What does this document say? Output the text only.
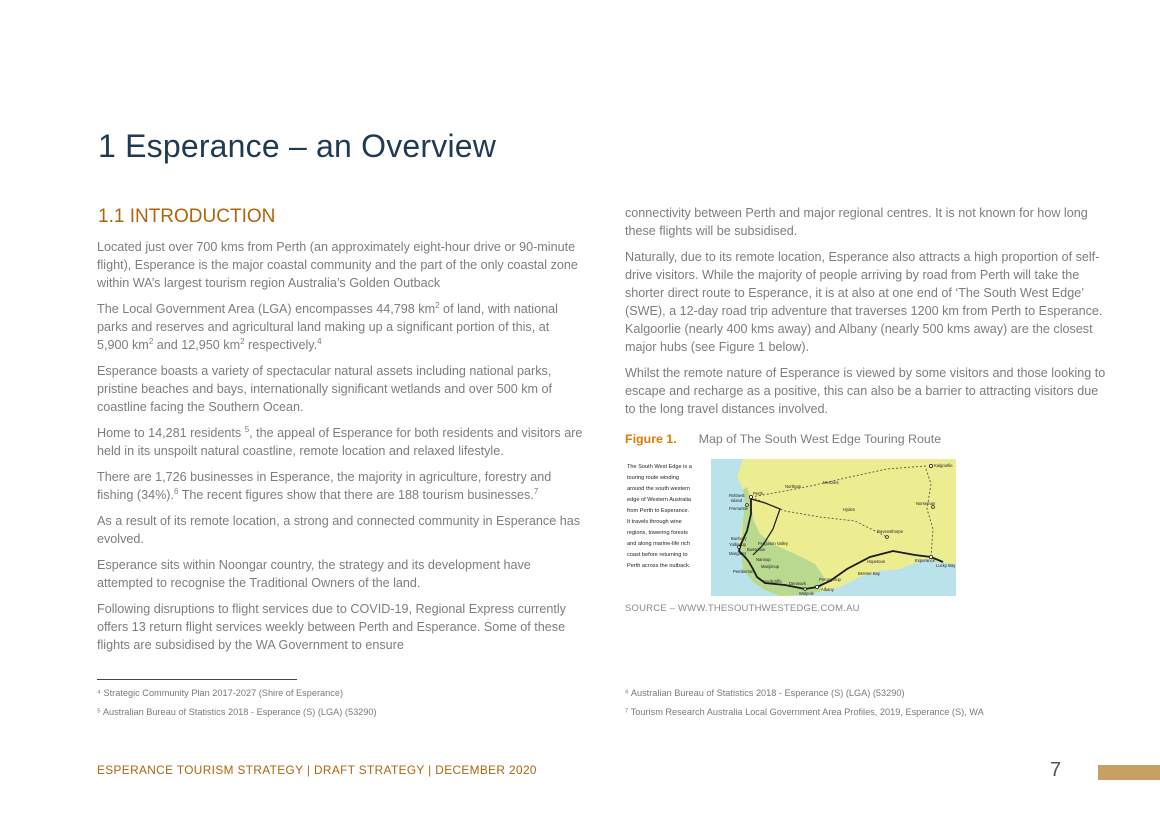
1 Esperance – an Overview
1.1 INTRODUCTION

Located just over 700 kms from Perth (an approximately eight-hour drive or 90-minute flight), Esperance is the major coastal community and the part of the only coastal zone within WA’s largest tourism region Australia’s Golden Outback

The Local Government Area (LGA) encompasses 44,798 $km^2$ of land, with national parks and reserves and agricultural land making up a significant portion of this, at 5,900 $km^2$ and 12,950 $km^2$ respectively.$^4$

Esperance boasts a variety of spectacular natural assets including national parks, pristine beaches and bays, internationally significant wetlands and over 500 km of coastline facing the Southern Ocean.

Home to 14,281 residents $^5$, the appeal of Esperance for both residents and visitors are held in its unspoilt natural coastline, remote location and relaxed lifestyle.

There are 1,726 businesses in Esperance, the majority in agriculture, forestry and fishing (34%).$^6$ The recent figures show that there are 188 tourism businesses.$^7$

As a result of its remote location, a strong and connected community in Esperance has evolved.

Esperance sits within Noongar country, the strategy and its development have attempted to recognise the Traditional Owners of the land.

Following disruptions to flight services due to COVID-19, Regional Express currently offers 13 return flight services weekly between Perth and Esperance. Some of these flights are subsidised by the WA Government to ensure

connectivity between Perth and major regional centres. It is not known for how long these flights will be subsidised.

Naturally, due to its remote location, Esperance also attracts a high proportion of self-drive visitors. While the majority of people arriving by road from Perth will take the shorter direct route to Esperance, it is at also at one end of ‘The South West Edge’ (SWE), a 12-day road trip adventure that traverses 1200 km from Perth to Esperance. Kalgoorlie (nearly 400 kms away) and Albany (nearly 500 kms away) are the closest major hubs (see Figure 1 below).

Whilst the remote nature of Esperance is viewed by some visitors and those looking to escape and recharge as a positive, this can also be a barrier to attracting visitors due to the long travel distances involved.

Figure 1. Map of The South West Edge Touring Route
The South West Edge is a
touring route winding
around the south western
edge of Western Australia
from Perth to Esperance.
It travels through wine
regions, towering forests
and along marine-life rich
coast before returning to
Perth across the outback.
Kalgoorlie
Menzies
Northam
Rottnest
Island
Perth
Fremantle	Hyden
Norseman
Bunbury
Ferguson Valley
Yallingup
Busselton
Margaret
Nannup
Manjimup
Pemberton
Ravensthorpe
Hopetoun	Esperance
Lucky Bay
Bremer Bay
Northcliffe Denmark
Porongurup
Walpole
Albany
SOURCE – WWW.THESOUTHWESTEDGE.COM.AU
⁴ Strategic Community Plan 2017-2027 (Shire of Esperance)
⁵ Australian Bureau of Statistics 2018 - Esperance (S) (LGA) (53290)
⁶ Australian Bureau of Statistics 2018 - Esperance (S) (LGA) (53290)
⁷ Tourism Research Australia Local Government Area Profiles, 2019, Esperance (S), WA
ESPERANCE TOURISM STRATEGY | DRAFT STRATEGY | DECEMBER 2020	7
